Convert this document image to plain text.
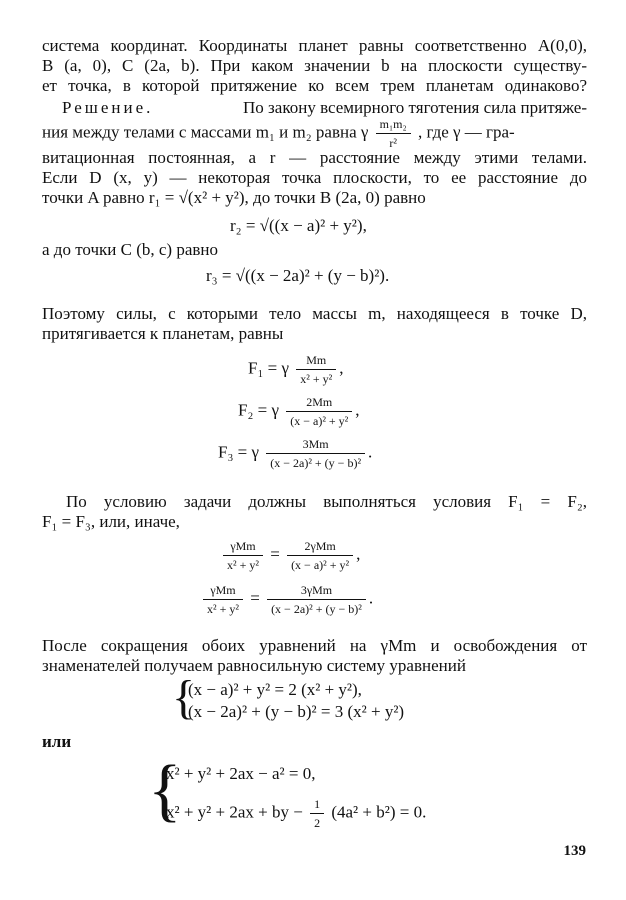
система координат. Координаты планет равны соответственно A(0,0),
B (a, 0), C (2a, b). При каком значении b на плоскости существу-
ет точка, в которой притяжение ко всем трем планетам одинаково?
Решение.	По закону всемирного тяготения сила притяже-
ния между телами с массами m₁ и m₂ равна γ $\frac{\text{m₁m₂}}{\text{r²}}$ , где γ — гра-
витационная постоянная, а r — расстояние между этими телами.
Если D (x, y) — некоторая точка плоскости, то ее расстояние до
точки A равно r₁ = √(x² + y²), до точки B (2a, 0) равно
r₂ = √((x − a)² + y²),
а до точки C (b, c) равно
r₃ = √((x − 2a)² + (y − b)²).
Поэтому силы, с которыми тело массы m, находящееся в точке D,
притягивается к планетам, равны
F₁ = γ $\frac{Mm}{\text{x² + y²}}$ ,
F₂ = γ $\frac{2Mm}{\text{(x − a)² + y²}}$ ,
F₃ = γ $\frac{3Mm}{\text{(x − 2a)² + (y − b)²}}$ .
По условию задачи должны выполняться условия F₁ = F₂,
F₁ = F₃, или, иначе,
$\frac{\text{γMm}}{\text{x² + y²}} = \frac{\text{2γMm}}{\text{(x − a)² + y²}}$ ,
$\frac{\text{γMm}}{\text{x² + y²}} = \frac{\text{3γMm}}{\text{(x − 2a)² + (y − b)²}}$ .
После сокращения обоих уравнений на γMm и освобождения от
знаменателей получаем равносильную систему уравнений
{
(x − a)² + y² = 2 (x² + y²),
(x − 2a)² + (y − b)² = 3 (x² + y²)
или
{
x² + y² + 2ax − a² = 0,
x² + y² + 2ax + by − $\frac{1}{2} (4a^2 + b^2) = 0$.
139
